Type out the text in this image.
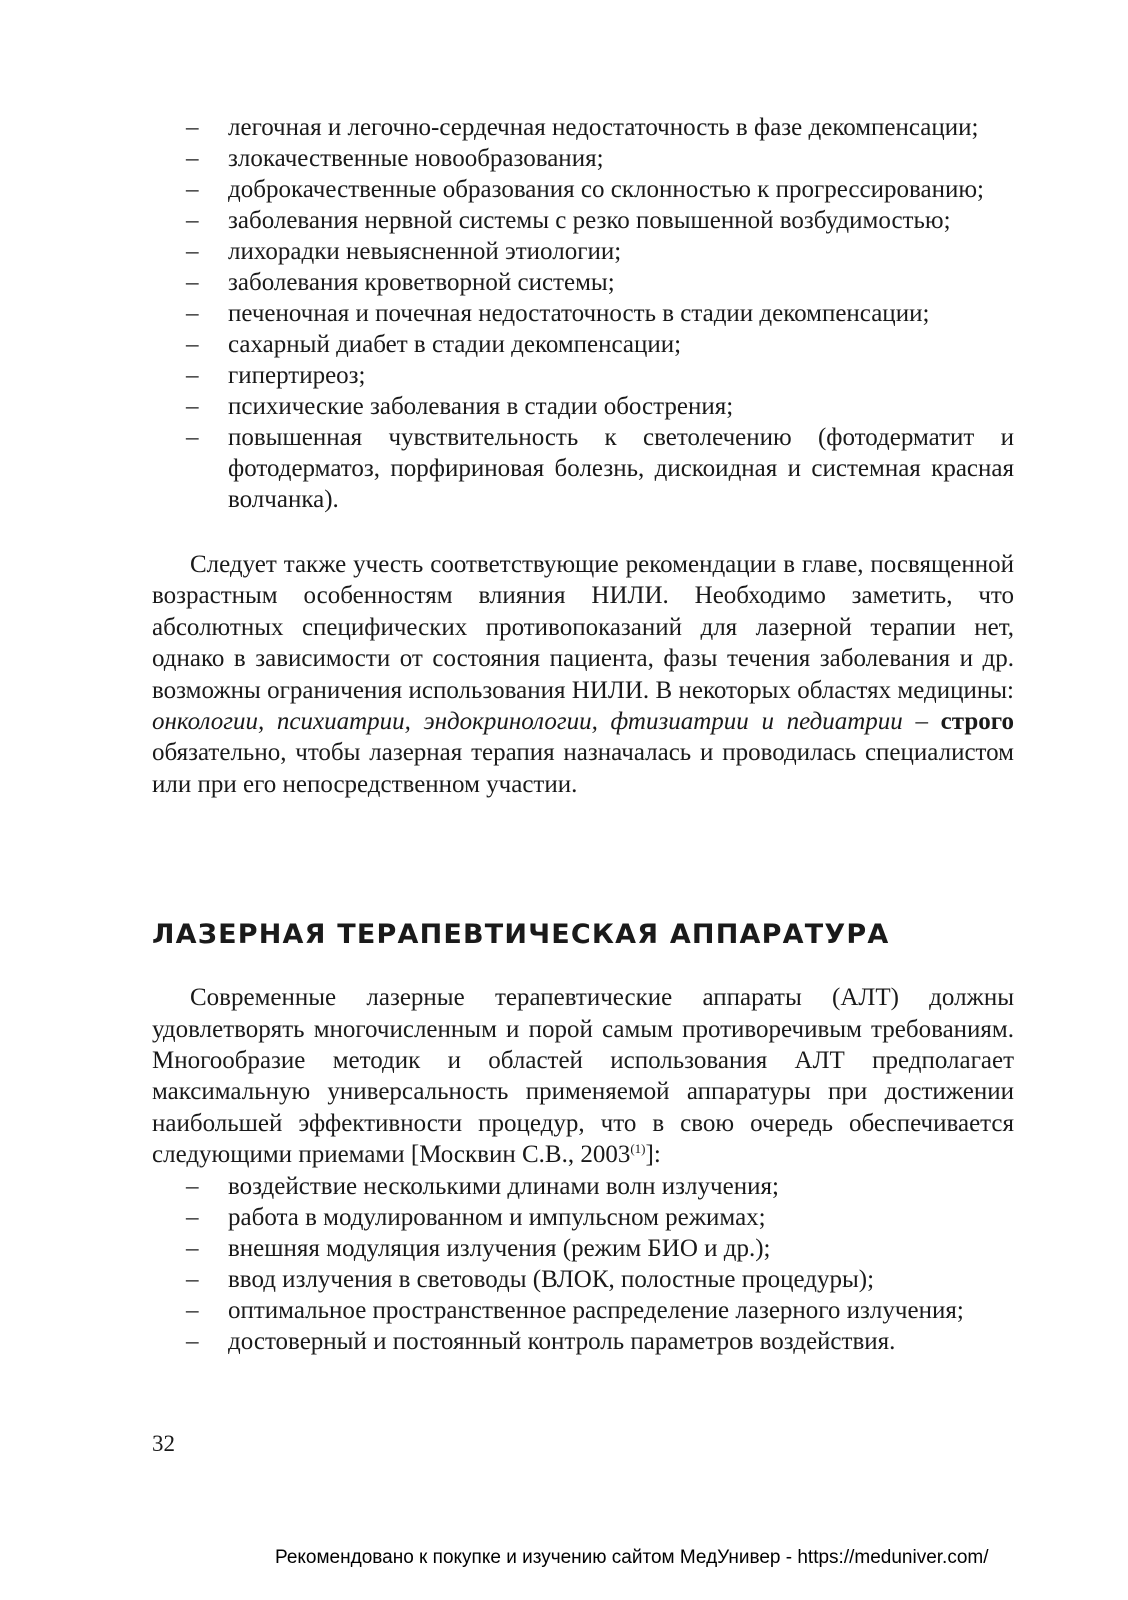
– легочная и легочно-сердечная недостаточность в фазе декомпенсации;
– злокачественные новообразования;
– доброкачественные образования со склонностью к прогрессированию;
– заболевания нервной системы с резко повышенной возбудимостью;
– лихорадки невыясненной этиологии;
– заболевания кроветворной системы;
– печеночная и почечная недостаточность в стадии декомпенсации;
– сахарный диабет в стадии декомпенсации;
– гипертиреоз;
– психические заболевания в стадии обострения;
– повышенная чувствительность к светолечению (фотодерматит и фотодерматоз, порфириновая болезнь, дискоидная и системная красная волчанка).

Следует также учесть соответствующие рекомендации в главе, посвященной возрастным особенностям влияния НИЛИ. Необходимо заметить, что абсолютных специфических противопоказаний для лазерной терапии нет, однако в зависимости от состояния пациента, фазы течения заболевания и др. возможны ограничения использования НИЛИ. В некоторых областях медицины: онкологии, психиатрии, эндокринологии, фтизиатрии и педиатрии – строго обязательно, чтобы лазерная терапия назначалась и проводилась специалистом или при его непосредственном участии.

ЛАЗЕРНАЯ ТЕРАПЕВТИЧЕСКАЯ АППАРАТУРА

Современные лазерные терапевтические аппараты (АЛТ) должны удовлетворять многочисленным и порой самым противоречивым требованиям. Многообразие методик и областей использования АЛТ предполагает максимальную универсальность применяемой аппаратуры при достижении наибольшей эффективности процедур, что в свою очередь обеспечивается следующими приемами [Москвин С.В., 2003$^{(1)}$]:

– воздействие несколькими длинами волн излучения;
– работа в модулированном и импульсном режимах;
– внешняя модуляция излучения (режим БИО и др.);
– ввод излучения в световоды (ВЛОК, полостные процедуры);
– оптимальное пространственное распределение лазерного излучения;
– достоверный и постоянный контроль параметров воздействия.
32
Рекомендовано к покупке и изучению сайтом МедУнивер - https://meduniver.com/
